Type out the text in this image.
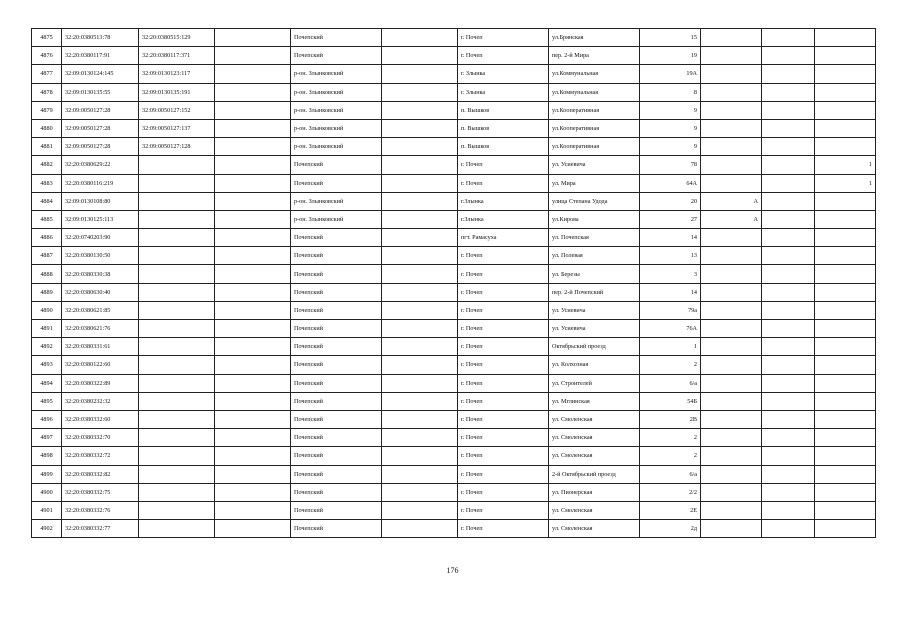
4875	32:20:0380513:78	32:20:0380515:129		Почепский		г. Почеп	ул.Брянская	15			
4876	32:20:0380117:91	32:20:0380117:371		Почепский		г. Почеп	пер. 2-й Мира	19			
4877	32:09:0130124:145	32:09:0130123:117		р-он. Злынковский		г. Злынка	ул.Коммунальная	19А			
4878	32:09:0130135:55	32:09:0130135:191		р-он. Злынковский		г. Злынка	ул.Коммунальная	8			
4879	32:09:0050127:28	32:09:0050127:152		р-он. Злынковский		п. Вышков	ул.Кооперативная	9			
4880	32:09:0050127:28	32:09:0050127:137		р-он. Злынковский		п. Вышков	ул.Кооперативная	9			
4881	32:09:0050127:28	32:09:0050127:128		р-он. Злынковский		п. Вышков	ул.Кооперативная	9			
4882	32:20:0380629:22			Почепский		г. Почеп	ул. Усиевича	78			1
4883	32:20:0380116:219			Почепский		г. Почеп	ул. Мира	64А			1
4884	32:09:0130108:80			р-он. Злынковский		г.Злынка	улица Степана Удода	20	А		
4885	32:09:0130125:113			р-он. Злынковский		г.Злынка	ул.Кирова	27	А		
4886	32:20:0740203:90			Почепский		пгт. Рамасуха	ул. Почепская	14			
4887	32:20:0380130:50			Почепский		г. Почеп	ул. Полевая	13			
4888	32:20:0380330:38			Почепский		г. Почеп	ул. Березы	3			
4889	32:20:0380630:40			Почепский		г. Почеп	пер. 2-й Почепский	14			
4890	32:20:0380621:85			Почепский		г. Почеп	ул. Усиевича	79а			
4891	32:20:0380621:76			Почепский		г. Почеп	ул. Усиевича	76А			
4892	32:20:0380331:61			Почепский		г. Почеп	Октябрьский проезд	1			
4893	32:20:0380122:60			Почепский		г. Почеп	ул. Колхозная	2			
4894	32:20:0380322:89			Почепский		г. Почеп	ул. Строителей	6/а			
4895	32:20:0380232:32			Почепский		г. Почеп	ул. Мглинская	54Б			
4896	32:20:0380332:60			Почепский		г. Почеп	ул. Смоленская	2В			
4897	32:20:0380332:70			Почепский		г. Почеп	ул. Смоленская	2			
4898	32:20:0380332:72			Почепский		г. Почеп	ул. Смоленская	2			
4899	32:20:0380332:82			Почепский		г. Почеп	2-й Октябрьский проезд	6/а			
4900	32:20:0380332:75			Почепский		г. Почеп	ул. Пионерская	2/2			
4901	32:20:0380332:76			Почепский		г. Почеп	ул. Смоленская	2Е			
4902	32:20:0380332:77			Почепский		г. Почеп	ул. Смоленская	2д			
176
